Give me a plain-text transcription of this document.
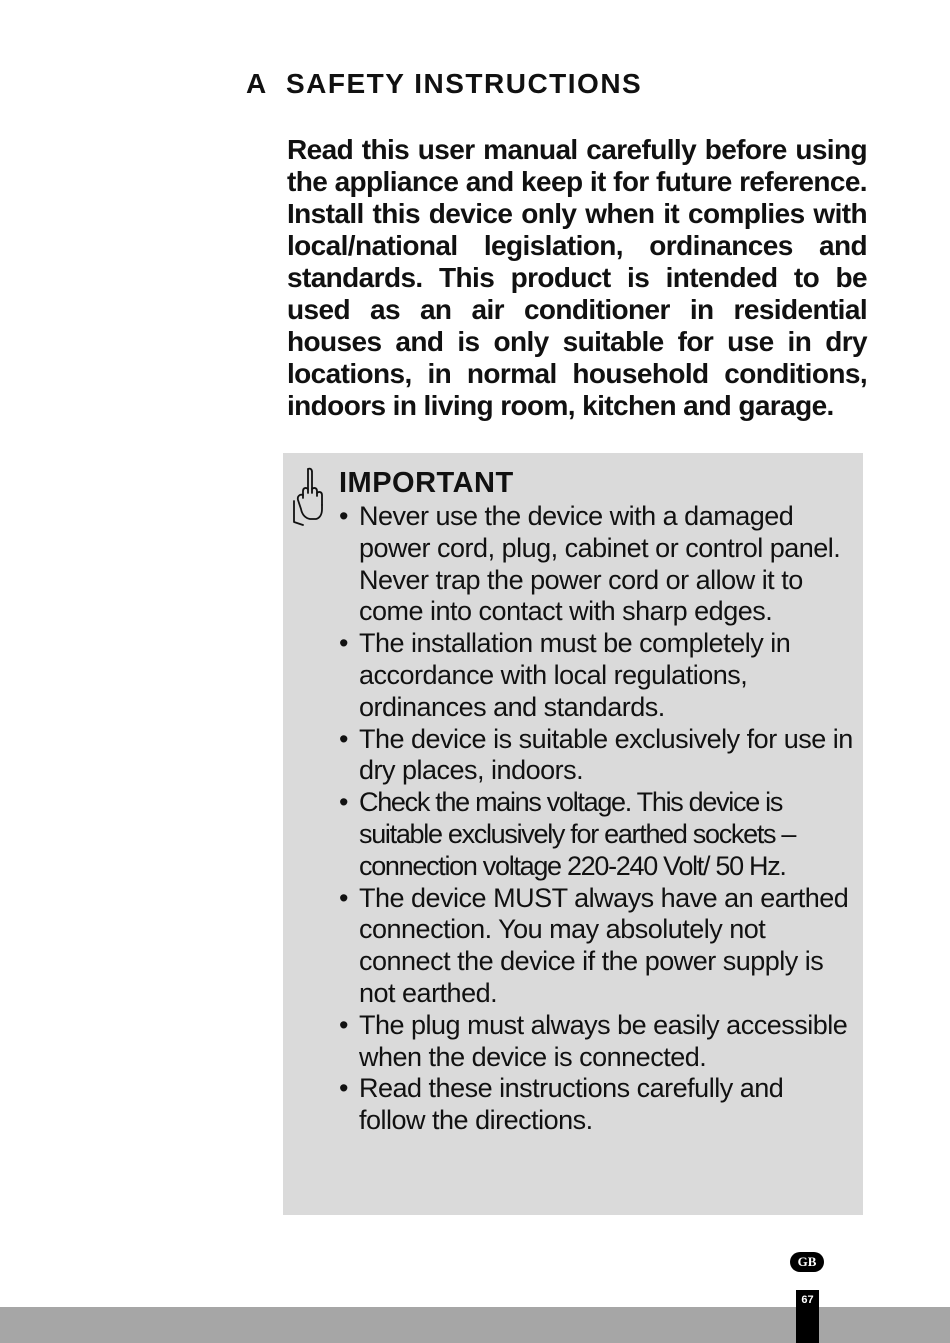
A SAFETY INSTRUCTIONS

Read this user manual carefully before using the appliance and keep it for future reference. Install this device only when it complies with local/national legislation, ordinances and standards. This product is intended to be used as an air conditioner in residential houses and is only suitable for use in dry locations, in normal household conditions, indoors in living room, kitchen and garage.

IMPORTANT
• Never use the device with a damaged power cord, plug, cabinet or control panel. Never trap the power cord or allow it to come into contact with sharp edges.
• The installation must be completely in accordance with local regulations, ordinances and standards.
• The device is suitable exclusively for use in dry places, indoors.
• Check the mains voltage. This device is suitable exclusively for earthed sockets – connection voltage 220-240 Volt/ 50 Hz.
• The device MUST always have an earthed connection. You may absolutely not connect the device if the power supply is not earthed.
• The plug must always be easily accessible when the device is connected.
• Read these instructions carefully and follow the directions.
GB
67
